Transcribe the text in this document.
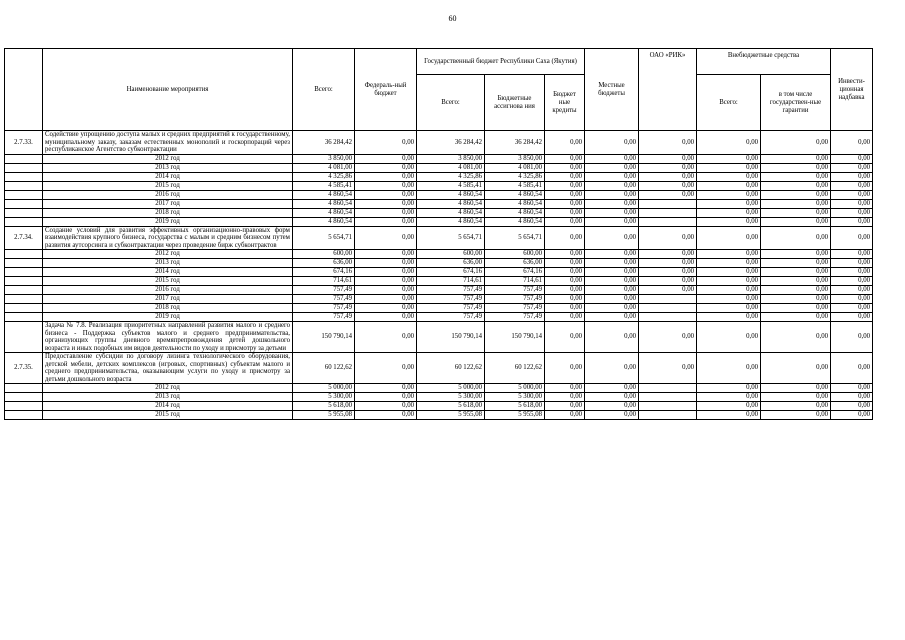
60
	Наименование мероприятия	Всего:	Федераль-ный бюджет	Государственный бюджет Республики Саха (Якутия)			Местные бюджеты	ОАО «РИК»	Внебюджетные средства		Инвести-ционная надбавка
				Всего:	Бюджетные ассигнова ния	Бюджет ные кредиты			Всего:	в том числе государствен-ные гарантии	
2.7.33.	Содействие упрощению доступа малых и средних предприятий к государственному, муниципальному заказу, заказам естественных монополий и госкорпораций через республиканское Агентство субконтрактации	36 284,42	0,00	36 284,42	36 284,42	0,00	0,00	0,00	0,00	0,00	0,00
	2012 год	3 850,00	0,00	3 850,00	3 850,00	0,00	0,00	0,00	0,00	0,00	0,00
	2013 год	4 081,00	0,00	4 081,00	4 081,00	0,00	0,00	0,00	0,00	0,00	0,00
	2014 год	4 325,86	0,00	4 325,86	4 325,86	0,00	0,00	0,00	0,00	0,00	0,00
	2015 год	4 585,41	0,00	4 585,41	4 585,41	0,00	0,00	0,00	0,00	0,00	0,00
	2016 год	4 860,54	0,00	4 860,54	4 860,54	0,00	0,00	0,00	0,00	0,00	0,00
	2017 год	4 860,54	0,00	4 860,54	4 860,54	0,00	0,00		0,00	0,00	0,00
	2018 год	4 860,54	0,00	4 860,54	4 860,54	0,00	0,00		0,00	0,00	0,00
	2019 год	4 860,54	0,00	4 860,54	4 860,54	0,00	0,00		0,00	0,00	0,00
2.7.34.	Создание условий для развития эффективных организационно-правовых форм взаимодействия крупного бизнеса, государства с малым и средним бизнесом путем развития аутсорсинга и субконтрактации через проведение бирж субконтрактов	5 654,71	0,00	5 654,71	5 654,71	0,00	0,00	0,00	0,00	0,00	0,00
	2012 год	600,00	0,00	600,00	600,00	0,00	0,00	0,00	0,00	0,00	0,00
	2013 год	636,00	0,00	636,00	636,00	0,00	0,00	0,00	0,00	0,00	0,00
	2014 год	674,16	0,00	674,16	674,16	0,00	0,00	0,00	0,00	0,00	0,00
	2015 год	714,61	0,00	714,61	714,61	0,00	0,00	0,00	0,00	0,00	0,00
	2016 год	757,49	0,00	757,49	757,49	0,00	0,00	0,00	0,00	0,00	0,00
	2017 год	757,49	0,00	757,49	757,49	0,00	0,00		0,00	0,00	0,00
	2018 год	757,49	0,00	757,49	757,49	0,00	0,00		0,00	0,00	0,00
	2019 год	757,49	0,00	757,49	757,49	0,00	0,00		0,00	0,00	0,00
	Задача № 7.8. Реализация приоритетных направлений развития малого и среднего бизнеса - Поддержка субъектов малого и среднего предпринимательства, организующих группы дневного времяпрепровождения детей дошкольного возраста и иных подобных им видов деятельности по уходу и присмотру за детьми	150 790,14	0,00	150 790,14	150 790,14	0,00	0,00	0,00	0,00	0,00	0,00
2.7.35.	Предоставление субсидии по договору лизинга технологического оборудования, детской мебели, детских комплексов (игровых, спортивных) субъектам малого и среднего предпринимательства, оказывающим услуги по уходу и присмотру за детьми дошкольного возраста	60 122,62	0,00	60 122,62	60 122,62	0,00	0,00	0,00	0,00	0,00	0,00
	2012 год	5 000,00	0,00	5 000,00	5 000,00	0,00	0,00		0,00	0,00	0,00
	2013 год	5 300,00	0,00	5 300,00	5 300,00	0,00	0,00		0,00	0,00	0,00
	2014 год	5 618,00	0,00	5 618,00	5 618,00	0,00	0,00		0,00	0,00	0,00
	2015 год	5 955,08	0,00	5 955,08	5 955,08	0,00	0,00		0,00	0,00	0,00
